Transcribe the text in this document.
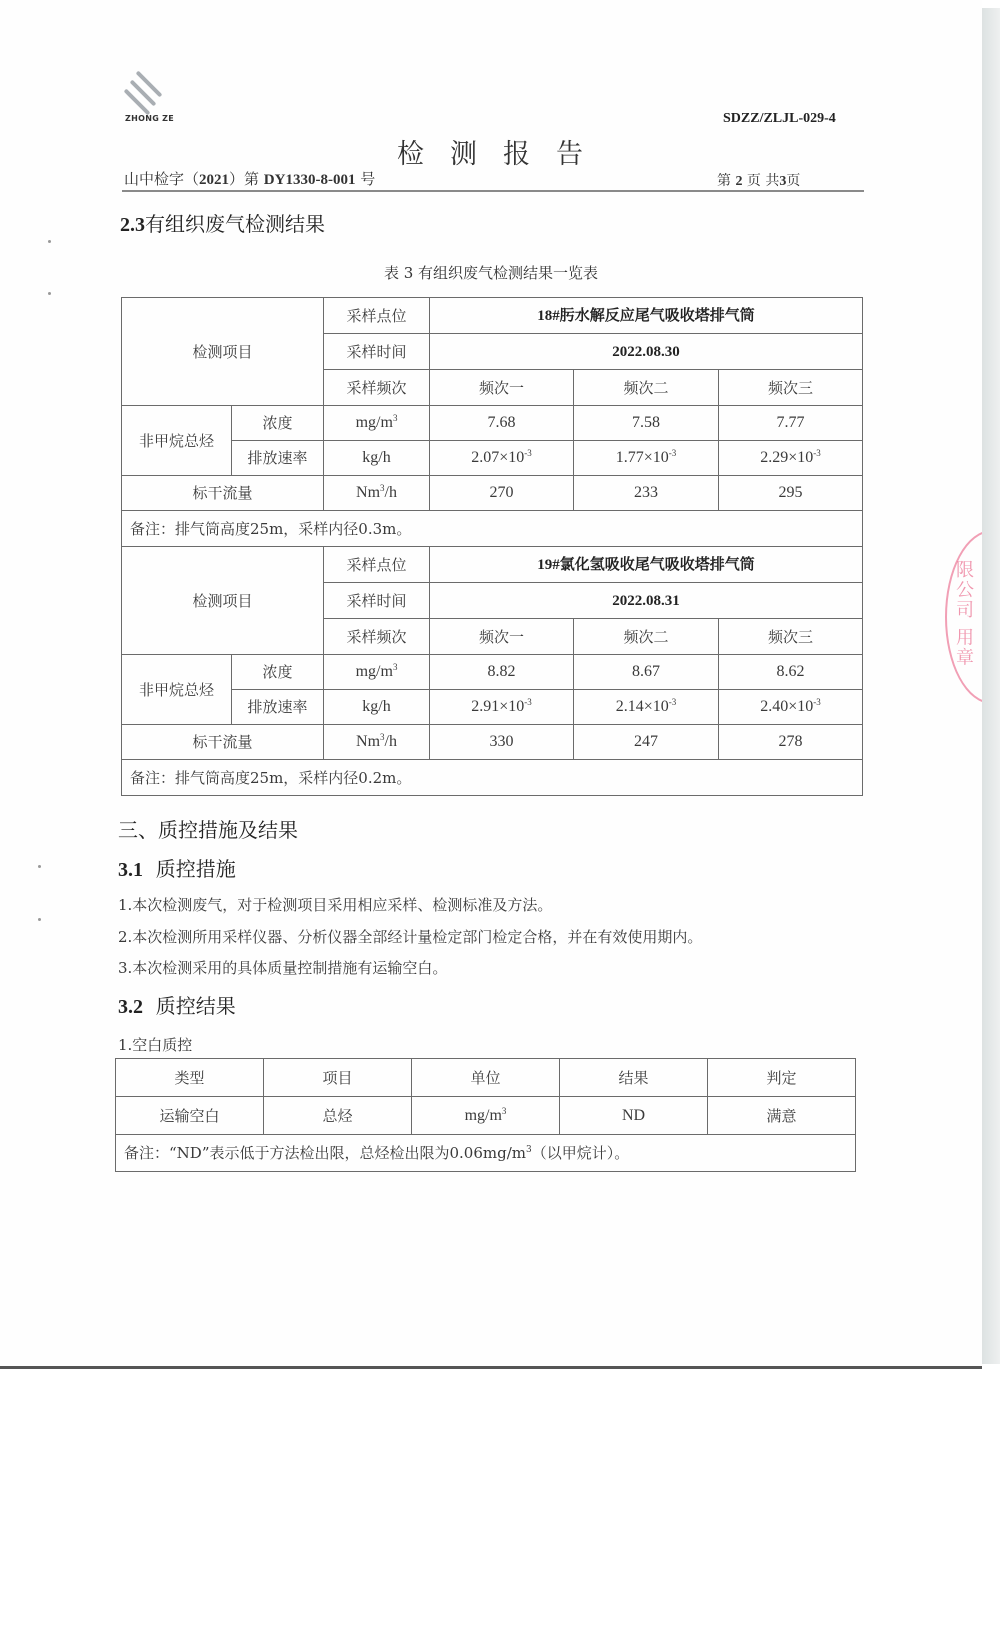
ZHONG ZE	SDZZ/ZLJL-029-4
检测报告
山中检字（2021）第 DY1330-8-001 号	第 2 页 共3页
2.3有组织废气检测结果
表 3 有组织废气检测结果一览表
检测项目		采样点位	18#肟水解反应尾气吸收塔排气筒		
		采样时间	2022.08.30		
		采样频次	频次一	频次二	频次三
非甲烷总烃	浓度	$mg/m^3$	7.68	7.58	7.77
	排放速率	kg/h	$2.07\times 10^{-3}$	$1.77\times 10^{-3}$	$2.29\times 10^{-3}$
标干流量		Nm$^3$/h	270	233	295
备注：排气筒高度25m，采样内径0.3m。					
检测项目		采样点位	19#氯化氢吸收尾气吸收塔排气筒		
		采样时间	2022.08.31		
		采样频次	频次一	频次二	频次三
非甲烷总烃	浓度	$mg/m^3$	8.82	8.67	8.62
	排放速率	kg/h	$2.91\times 10^{-3}$	$2.14\times 10^{-3}$	$2.40\times 10^{-3}$
标干流量		Nm$^3$/h	330	247	278
备注：排气筒高度25m，采样内径0.2m。					
三、质控措施及结果
3.1 质控措施
1.本次检测废气，对于检测项目采用相应采样、检测标准及方法。
2.本次检测所用采样仪器、分析仪器全部经计量检定部门检定合格，并在有效使用期内。
3.本次检测采用的具体质量控制措施有运输空白。
3.2 质控结果
1.空白质控
类型	项目	单位	结果	判定
运输空白	总烃	$mg/m^3$	ND	满意
备注：“ND”表示低于方法检出限，总烃检出限为$0.06mg/m^3$（以甲烷计）。				
限公司 用章
